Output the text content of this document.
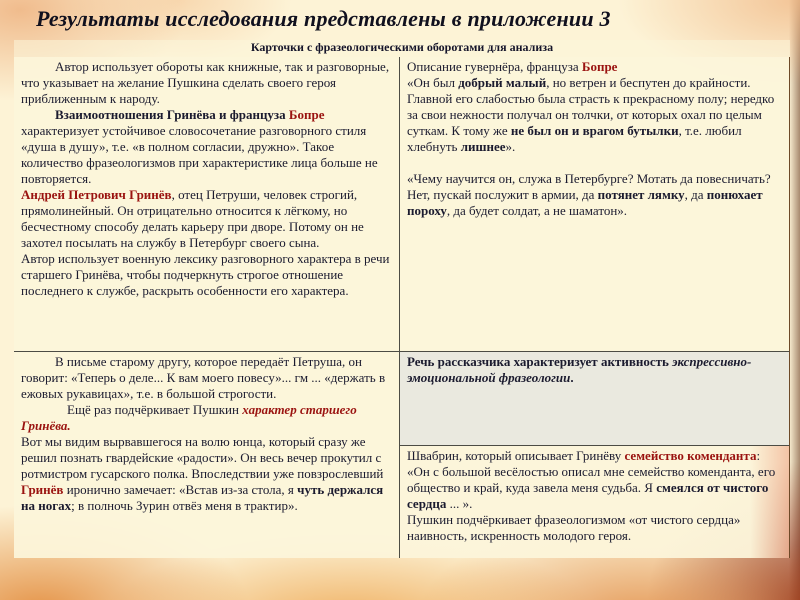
Результаты исследования представлены в приложении 3
Карточки с фразеологическими оборотами для анализа

Автор использует обороты как книжные, так и разговорные, что указывает на желание Пушкина сделать своего героя приближенным к народу.

Взаимоотношения Гринёва и француза Бопре характеризует устойчивое словосочетание разговорного стиля «душа в душу», т.е. «в полном согласии, дружно». Такое количество фразеологизмов при характеристике лица больше не повторяется.

Андрей Петрович Гринёв, отец Петруши, человек строгий, прямолинейный. Он отрицательно относится к лёгкому, но бесчестному способу делать карьеру при дворе. Потому он не захотел посылать на службу в Петербург своего сына.

Автор использует военную лексику разговорного характера в речи старшего Гринёва, чтобы подчеркнуть строгое отношение последнего к службе, раскрыть особенности его характера.

В письме старому другу, которое передаёт Петруша, он говорит: «Теперь о деле... К вам моего повесу»... гм ... «держать в ежовых рукавицах», т.е. в большой строгости.

Ещё раз подчёркивает Пушкин характер старшего Гринёва.

Вот мы видим вырвавшегося на волю юнца, который сразу же решил познать гвардейские «радости». Он весь вечер прокутил с ротмистром гусарского полка. Впоследствии уже повзрослевший Гринёв иронично замечает: «Встав из-за стола, я чуть держался на ногах; в полночь Зурин отвёз меня в трактир».

Описание гувернёра, француза Бопре

«Он был добрый малый, но ветрен и беспутен до крайности. Главной его слабостью была страсть к прекрасному полу; нередко за свои нежности получал он толчки, от которых охал по целым суткам. К тому же не был он и врагом бутылки, т.е. любил хлебнуть лишнее».

«Чему научится он, служа в Петербурге? Мотать да повесничать? Нет, пускай послужит в армии, да потянет лямку, да понюхает пороху, да будет солдат, а не шаматон».

Речь рассказчика характеризует активность экспрессивно-эмоциональной фразеологии.

Швабрин, который описывает Гринёву семейство коменданта: «Он с большой весёлостью описал мне семейство коменданта, его общество и край, куда завела меня судьба. Я смеялся от чистого сердца ... ».

Пушкин подчёркивает фразеологизмом «от чистого сердца» наивность, искренность молодого героя.
